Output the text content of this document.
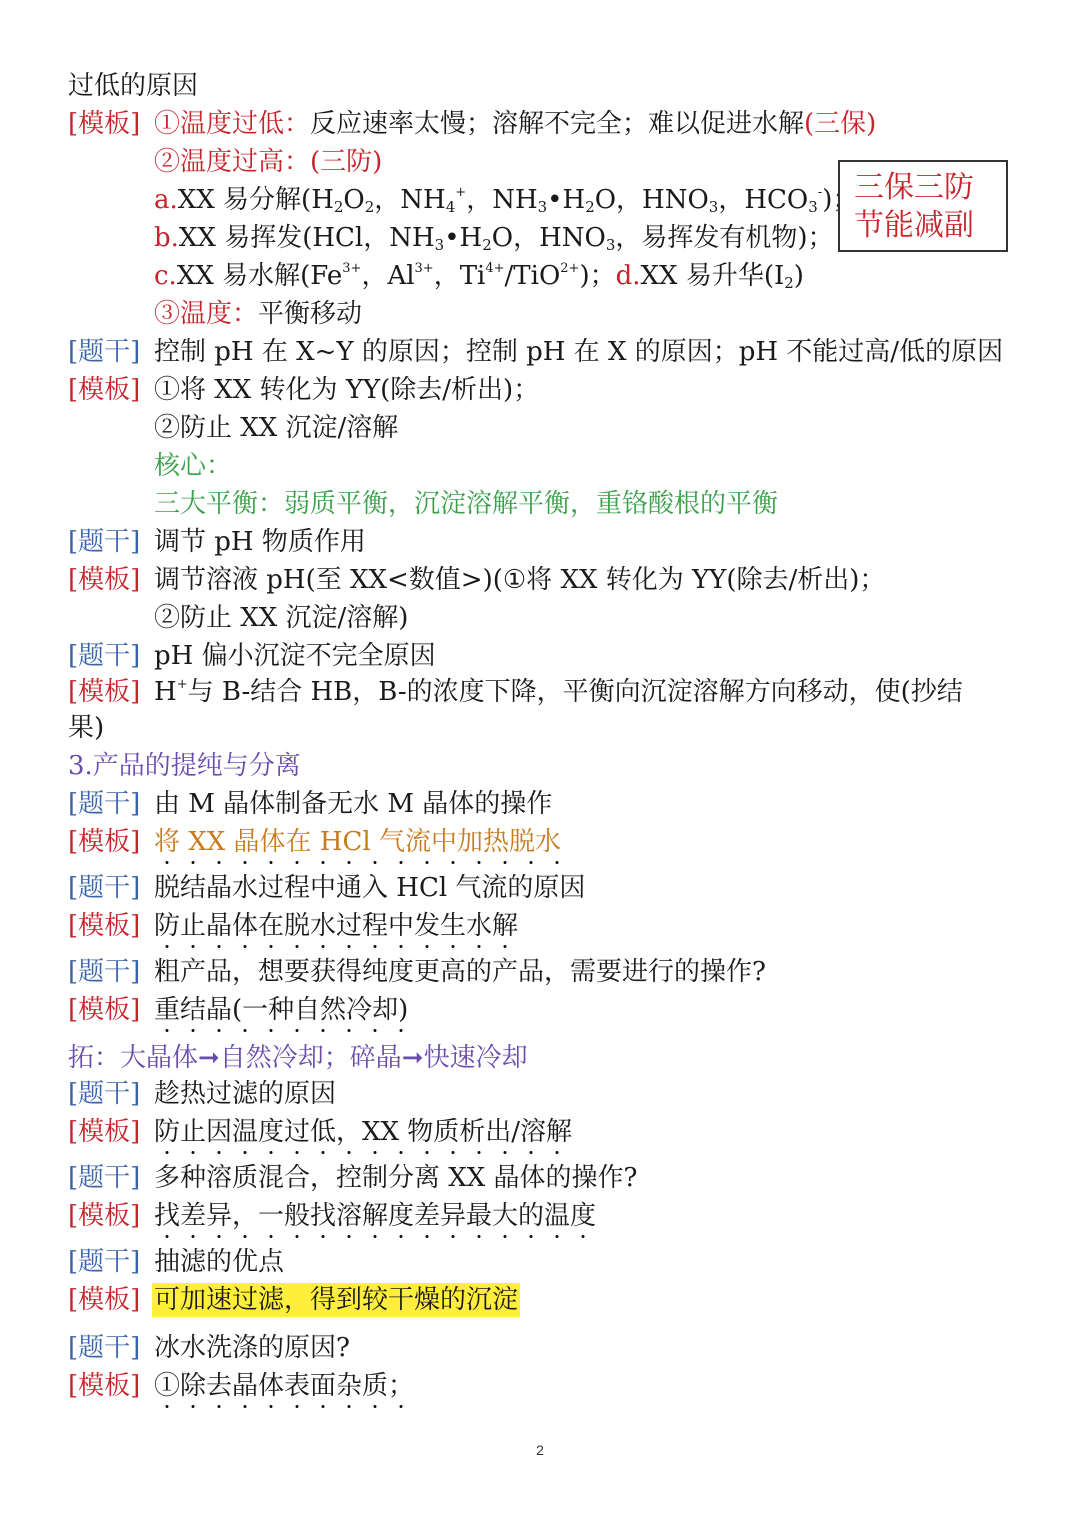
过低的原因
[模板] ①温度过低：反应速率太慢；溶解不完全；难以促进水解(三保)
②温度过高：(三防)
a.XX 易分解($H_2O_2$，$NH_4^+$，$NH_3•H_2O$，$HNO_3$，$HCO_3^-$)；
b.XX 易挥发(HCl，$NH_3•H_2O$，$HNO_3$，易挥发有机物)；
c.XX 易水解($Fe^{3+}$，$Al^{3+}$，$Ti^{4+}/TiO^{2+}$)；d.XX 易升华$(I_2)$
③温度：平衡移动
[题干] 控制 pH 在 X~Y 的原因；控制 pH 在 X 的原因；pH 不能过高/低的原因
[模板] ①将 XX 转化为 YY(除去/析出)；
②防止 XX 沉淀/溶解
核心：
三大平衡：弱质平衡，沉淀溶解平衡，重铬酸根的平衡
[题干] 调节 pH 物质作用
[模板] 调节溶液 pH(至 XX<数值>)(①将 XX 转化为 YY(除去/析出)；
②防止 XX 沉淀/溶解)
[题干] pH 偏小沉淀不完全原因
[模板] H+与 B-结合 HB，B-的浓度下降，平衡向沉淀溶解方向移动，使(抄结
果)
3.产品的提纯与分离
[题干] 由 M 晶体制备无水 M 晶体的操作
[模板] 将 XX 晶体在 HCl 气流中加热脱水
[题干] 脱结晶水过程中通入 HCl 气流的原因
[模板] 防止晶体在脱水过程中发生水解
[题干] 粗产品，想要获得纯度更高的产品，需要进行的操作?
[模板] 重结晶(一种自然冷却)
拓：大晶体➞自然冷却；碎晶➞快速冷却
[题干] 趁热过滤的原因
[模板] 防止因温度过低，XX 物质析出/溶解
[题干] 多种溶质混合，控制分离 XX 晶体的操作?
[模板] 找差异，一般找溶解度差异最大的温度
[题干] 抽滤的优点
[模板] 可加速过滤，得到较干燥的沉淀
[题干] 冰水洗涤的原因?
[模板] ①除去晶体表面杂质；
三保三防
节能减副
2
